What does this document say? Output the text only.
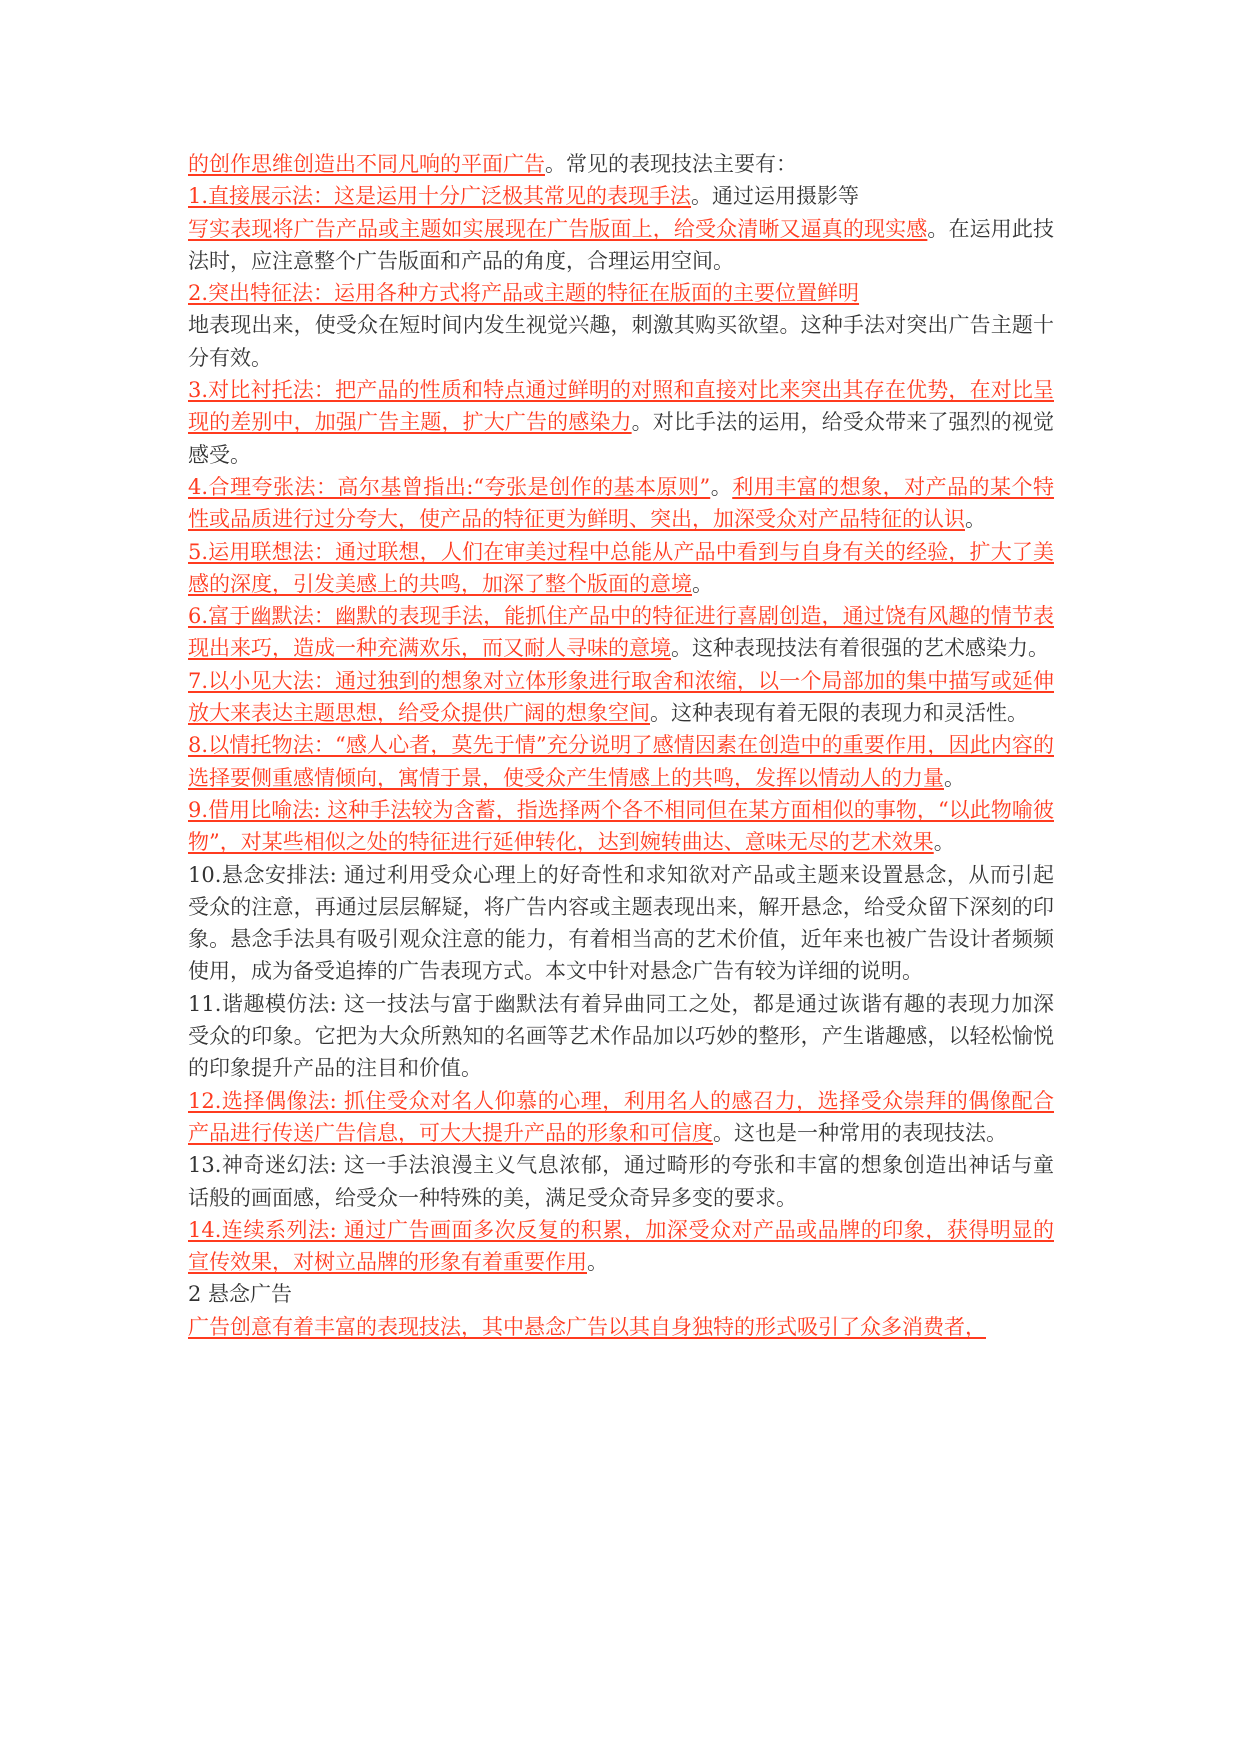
的创作思维创造出不同凡响的平面广告。常见的表现技法主要有：

1.直接展示法：这是运用十分广泛极其常见的表现手法。通过运用摄影等

写实表现将广告产品或主题如实展现在广告版面上，给受众清晰又逼真的现实感。在运用此技法时，应注意整个广告版面和产品的角度，合理运用空间。

2.突出特征法：运用各种方式将产品或主题的特征在版面的主要位置鲜明

地表现出来，使受众在短时间内发生视觉兴趣，刺激其购买欲望。这种手法对突出广告主题十分有效。

3.对比衬托法：把产品的性质和特点通过鲜明的对照和直接对比来突出其存在优势，在对比呈现的差别中，加强广告主题，扩大广告的感染力。对比手法的运用，给受众带来了强烈的视觉感受。

4.合理夸张法：高尔基曾指出:“夸张是创作的基本原则”。利用丰富的想象，对产品的某个特性或品质进行过分夸大，使产品的特征更为鲜明、突出，加深受众对产品特征的认识。

5.运用联想法：通过联想，人们在审美过程中总能从产品中看到与自身有关的经验，扩大了美感的深度，引发美感上的共鸣，加深了整个版面的意境。

6.富于幽默法：幽默的表现手法，能抓住产品中的特征进行喜剧创造，通过饶有风趣的情节表现出来巧，造成一种充满欢乐，而又耐人寻味的意境。这种表现技法有着很强的艺术感染力。

7.以小见大法：通过独到的想象对立体形象进行取舍和浓缩，以一个局部加的集中描写或延伸放大来表达主题思想，给受众提供广阔的想象空间。这种表现有着无限的表现力和灵活性。

8.以情托物法：“感人心者，莫先于情”充分说明了感情因素在创造中的重要作用，因此内容的选择要侧重感情倾向，寓情于景，使受众产生情感上的共鸣，发挥以情动人的力量。

9.借用比喻法: 这种手法较为含蓄，指选择两个各不相同但在某方面相似的事物，“以此物喻彼物”，对某些相似之处的特征进行延伸转化，达到婉转曲达、意味无尽的艺术效果。

10.悬念安排法: 通过利用受众心理上的好奇性和求知欲对产品或主题来设置悬念，从而引起受众的注意，再通过层层解疑，将广告内容或主题表现出来，解开悬念，给受众留下深刻的印象。悬念手法具有吸引观众注意的能力，有着相当高的艺术价值，近年来也被广告设计者频频使用，成为备受追捧的广告表现方式。本文中针对悬念广告有较为详细的说明。

11.谐趣模仿法: 这一技法与富于幽默法有着异曲同工之处，都是通过诙谐有趣的表现力加深受众的印象。它把为大众所熟知的名画等艺术作品加以巧妙的整形，产生谐趣感，以轻松愉悦的印象提升产品的注目和价值。

12.选择偶像法: 抓住受众对名人仰慕的心理，利用名人的感召力，选择受众崇拜的偶像配合产品进行传送广告信息，可大大提升产品的形象和可信度。这也是一种常用的表现技法。

13.神奇迷幻法: 这一手法浪漫主义气息浓郁，通过畸形的夸张和丰富的想象创造出神话与童话般的画面感，给受众一种特殊的美，满足受众奇异多变的要求。

14.连续系列法: 通过广告画面多次反复的积累，加深受众对产品或品牌的印象，获得明显的宣传效果，对树立品牌的形象有着重要作用。

2 悬念广告

广告创意有着丰富的表现技法，其中悬念广告以其自身独特的形式吸引了众多消费者，
